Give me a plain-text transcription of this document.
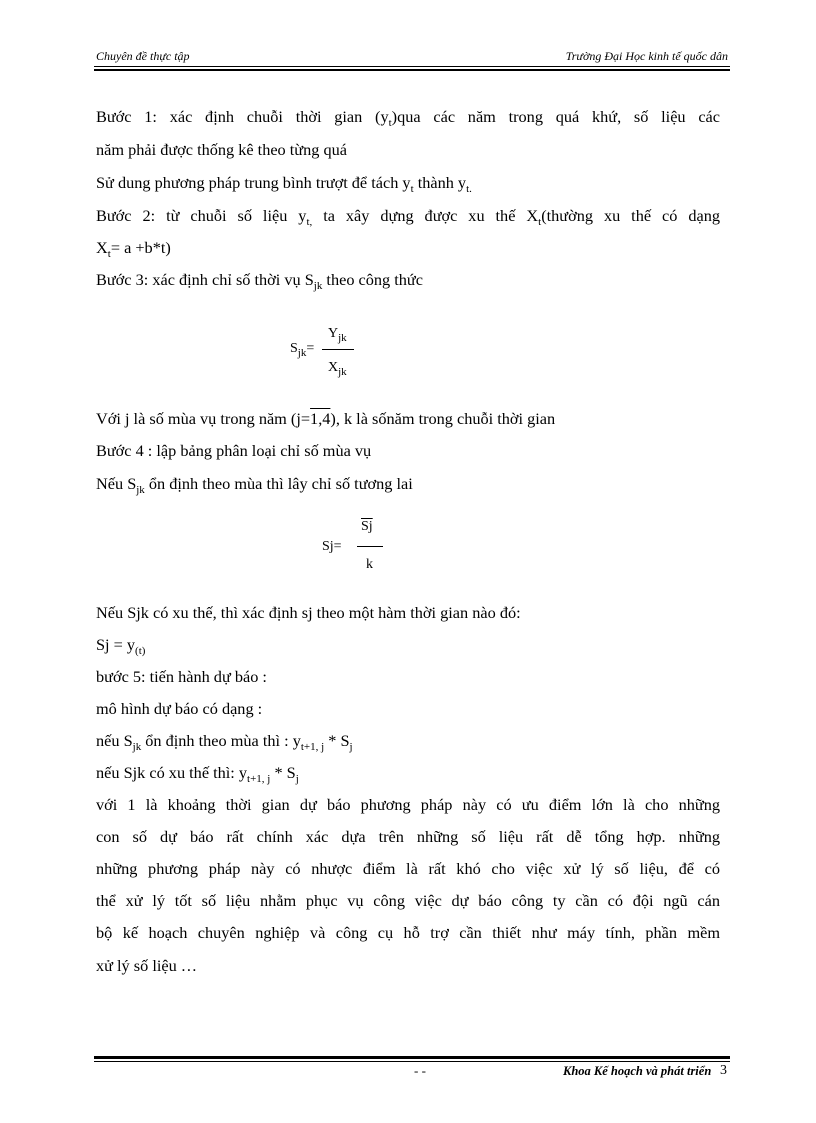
Chuyên đề thực tập	Trường Đại Học kinh tế quốc dân
Bước 1: xác định chuỗi thời gian $(y_t)qua$ các năm trong quá khứ, số liệu các
năm phải được thống kê theo từng quá
Sử dung phương pháp trung bình trượt để tách $y_t$ thành $y_{t.}$
Bước 2: từ chuỗi số liệu $y_{t,}$ ta xây dựng được xu thế $X_t(thường$ xu thế có dạng
$X_t= a +b*t$)
Bước 3: xác định chỉ số thời vụ $S_{jk}$ theo công thức
$S_{jk}=$
$Y_{jk}$
$X_{jk}$
Với j là số mùa vụ trong năm (j=1,4), k là sốnăm trong chuỗi thời gian
Bước 4 : lập bảng phân loại chỉ số mùa vụ
Nếu $S_{jk}$ ổn định theo mùa thì lây chỉ số tương lai
Sj=
$\overline{Sj}$
k
Nếu Sjk có xu thế, thì xác định sj theo một hàm thời gian nào đó:
$Sj = y_{(t)}$
bước 5: tiến hành dự báo :
mô hình dự báo có dạng :
nếu $S_{jk}$ ổn định theo mùa thì : $y_{t+1, j} * S_j$
nếu Sjk có xu thế thì: $y_{t+1, j} * S_j$
với 1 là khoảng thời gian dự báo phương pháp này có ưu điểm lớn là cho những
con số dự báo rất chính xác dựa trên những số liệu rất dễ tổng hợp. những
những phương pháp này có nhược điểm là rất khó cho việc xử lý số liệu, để có
thể xử lý tốt số liệu nhằm phục vụ công việc dự báo công ty cần có đội ngũ cán
bộ kế hoạch chuyên nghiệp và công cụ hỗ trợ cần thiết như máy tính, phần mềm
xử lý số liệu …
- -	Khoa Kế hoạch và phát triển 3
